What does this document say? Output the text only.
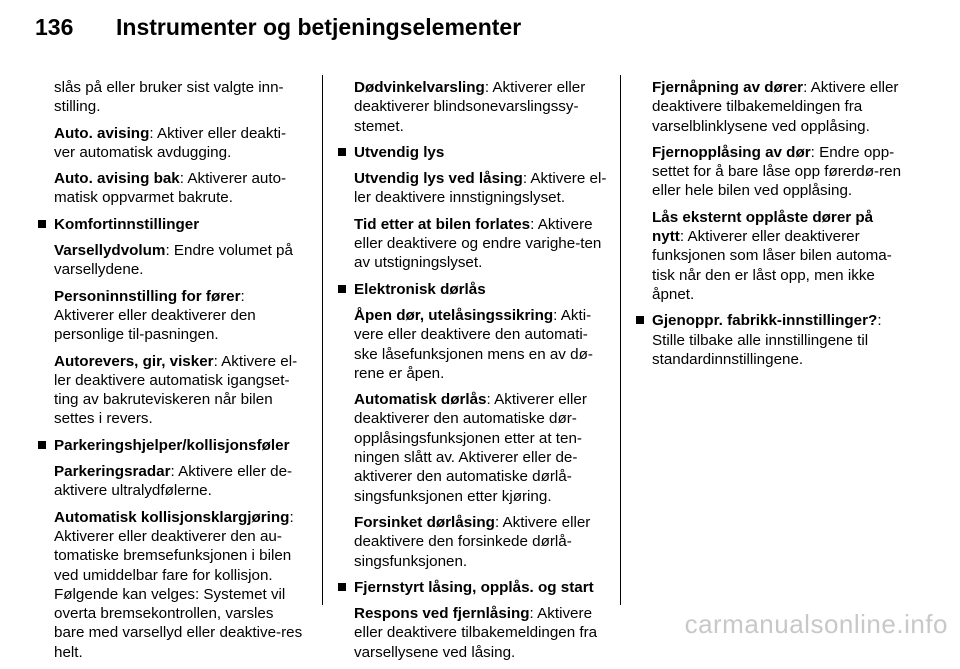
136 Instrumenter og betjeningselementer
slås på eller bruker sist valgte inn-stilling.
Auto. avising: Aktiver eller deakti-ver automatisk avdugging.
Auto. avising bak: Aktiverer auto-matisk oppvarmet bakrute.
Komfortinnstillinger
Varsellydvolum: Endre volumet på varsellydene.
Personinnstilling for fører: Aktiverer eller deaktiverer den personlige til-pasningen.
Autorevers, gir, visker: Aktivere el-ler deaktivere automatisk igangset-ting av bakruteviskeren når bilen settes i revers.
Parkeringshjelper/kollisjonsføler
Parkeringsradar: Aktivere eller de-aktivere ultralydfølerne.
Automatisk kollisjonsklargjøring: Aktiverer eller deaktiverer den au-tomatiske bremsefunksjonen i bilen ved umiddelbar fare for kollisjon. Følgende kan velges: Systemet vil overta bremsekontrollen, varsles bare med varsellyd eller deaktive-res helt.
Dødvinkelvarsling: Aktiverer eller deaktiverer blindsonevarslingssy-stemet.
Utvendig lys
Utvendig lys ved låsing: Aktivere el-ler deaktivere innstigningslyset.
Tid etter at bilen forlates: Aktivere eller deaktivere og endre varighe-ten av utstigningslyset.
Elektronisk dørlås
Åpen dør, utelåsingssikring: Akti-vere eller deaktivere den automati-ske låsefunksjonen mens en av dø-rene er åpen.
Automatisk dørlås: Aktiverer eller deaktiverer den automatiske dør-opplåsingsfunksjonen etter at ten-ningen slått av. Aktiverer eller de-aktiverer den automatiske dørlå-singsfunksjonen etter kjøring.
Forsinket dørlåsing: Aktivere eller deaktivere den forsinkede dørlå-singsfunksjonen.
Fjernstyrt låsing, opplås. og start
Respons ved fjernlåsing: Aktivere eller deaktivere tilbakemeldingen fra varsellysene ved låsing.
Fjernåpning av dører: Aktivere eller deaktivere tilbakemeldingen fra varselblinklysene ved opplåsing.
Fjernopplåsing av dør: Endre opp-settet for å bare låse opp førerdø-ren eller hele bilen ved opplåsing.
Lås eksternt opplåste dører på nytt: Aktiverer eller deaktiverer funksjonen som låser bilen automa-tisk når den er låst opp, men ikke åpnet.
Gjenoppr. fabrikk-innstillinger?: Stille tilbake alle innstillingene til standardinnstillingene.
carmanualsonline.info
